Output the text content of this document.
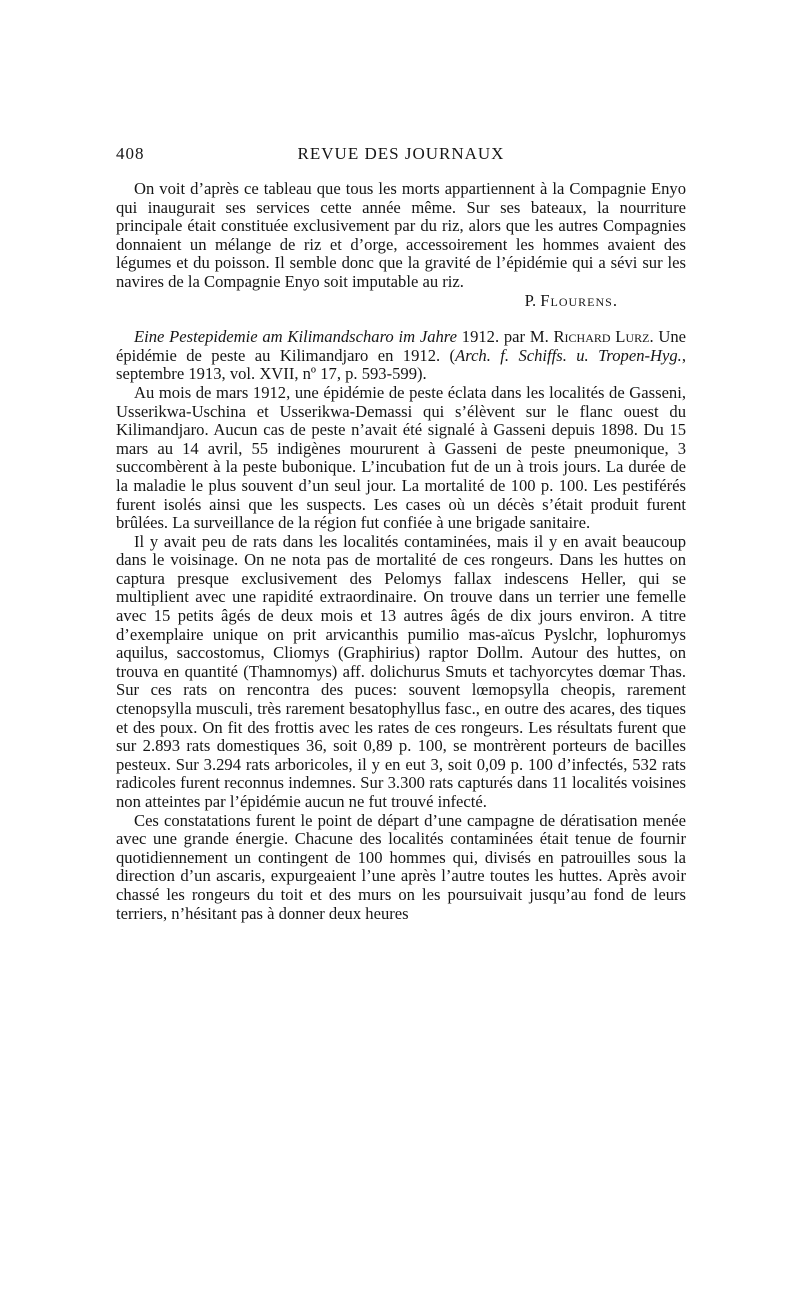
408	REVUE DES JOURNAUX

On voit d’après ce tableau que tous les morts appartiennent à la Compagnie Enyo qui inaugurait ses services cette année même. Sur ses bateaux, la nourriture principale était constituée exclusivement par du riz, alors que les autres Compagnies donnaient un mélange de riz et d’orge, accessoirement les hommes avaient des légumes et du poisson. Il semble donc que la gravité de l’épidémie qui a sévi sur les navires de la Compagnie Enyo soit imputable au riz.

P. Flourens.

Eine Pestepidemie am Kilimandscharo im Jahre 1912. par M. Richard Lurz. Une épidémie de peste au Kilimandjaro en 1912. (Arch. f. Schiffs. u. Tropen-Hyg., septembre 1913, vol. XVII, nº 17, p. 593-599).

Au mois de mars 1912, une épidémie de peste éclata dans les localités de Gasseni, Usserikwa-Uschina et Usserikwa-Demassi qui s’élèvent sur le flanc ouest du Kilimandjaro. Aucun cas de peste n’avait été signalé à Gasseni depuis 1898. Du 15 mars au 14 avril, 55 indigènes moururent à Gasseni de peste pneumonique, 3 succombèrent à la peste bubonique. L’incubation fut de un à trois jours. La durée de la maladie le plus souvent d’un seul jour. La mortalité de 100 p. 100. Les pestiférés furent isolés ainsi que les suspects. Les cases où un décès s’était produit furent brûlées. La surveillance de la région fut confiée à une brigade sanitaire.

Il y avait peu de rats dans les localités contaminées, mais il y en avait beaucoup dans le voisinage. On ne nota pas de mortalité de ces rongeurs. Dans les huttes on captura presque exclusivement des Pelomys fallax indescens Heller, qui se multiplient avec une rapidité extraordinaire. On trouve dans un terrier une femelle avec 15 petits âgés de deux mois et 13 autres âgés de dix jours environ. A titre d’exemplaire unique on prit arvicanthis pumilio mas-aïcus Pyslchr, lophuromys aquilus, saccostomus, Cliomys (Graphirius) raptor Dollm. Autour des huttes, on trouva en quantité (Thamnomys) aff. dolichurus Smuts et tachyorcytes dœmar Thas. Sur ces rats on rencontra des puces: souvent lœmopsylla cheopis, rarement ctenopsylla musculi, très rarement besatophyllus fasc., en outre des acares, des tiques et des poux. On fit des frottis avec les rates de ces rongeurs. Les résultats furent que sur 2.893 rats domestiques 36, soit 0,89 p. 100, se montrèrent porteurs de bacilles pesteux. Sur 3.294 rats arboricoles, il y en eut 3, soit 0,09 p. 100 d’infectés, 532 rats radicoles furent reconnus indemnes. Sur 3.300 rats capturés dans 11 localités voisines non atteintes par l’épidémie aucun ne fut trouvé infecté.

Ces constatations furent le point de départ d’une campagne de dératisation menée avec une grande énergie. Chacune des localités contaminées était tenue de fournir quotidiennement un contingent de 100 hommes qui, divisés en patrouilles sous la direction d’un ascaris, expurgeaient l’une après l’autre toutes les huttes. Après avoir chassé les rongeurs du toit et des murs on les poursuivait jusqu’au fond de leurs terriers, n’hésitant pas à donner deux heures
